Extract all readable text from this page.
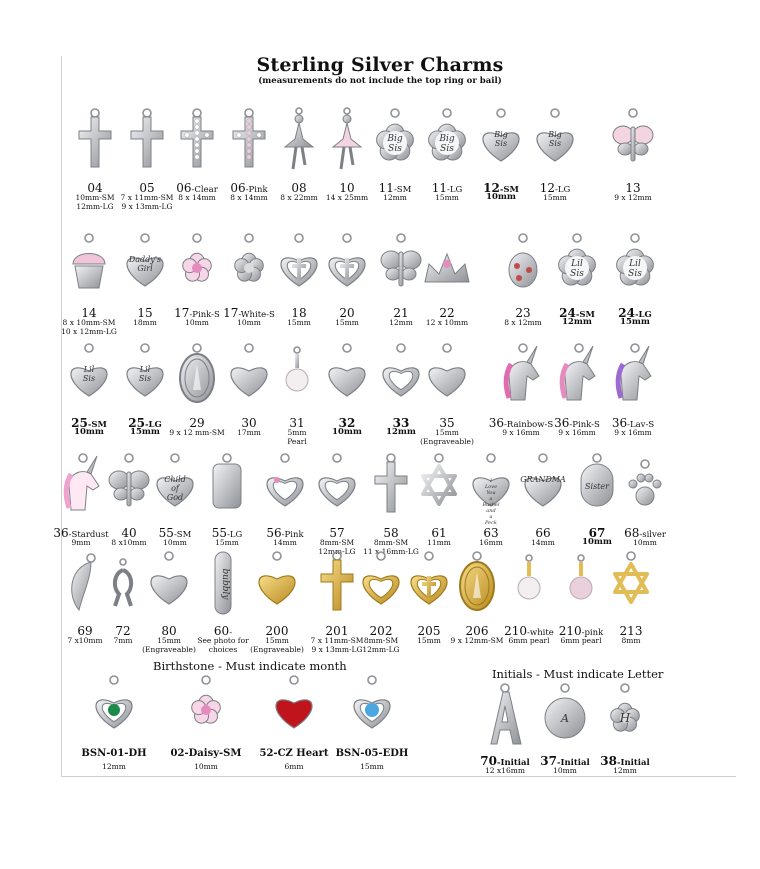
Sterling Silver Charms
(measurements do not include the top ring or bail)
04
10mm-SM
12mm-LG
05
7 x 11mm-SM
9 x 13mm-LG
06-Clear
8 x 14mm
06-Pink
8 x 14mm
08
8 x 22mm
10
14 x 25mm
Big
Sis
11-SM
12mm
Big
Sis
11-LG
15mm
Big
Sis
12-SM
10mm
Big
Sis
12-LG
15mm
13
9 x 12mm
14
8 x 10mm-SM
10 x 12mm-LG
Daddy's
Girl
15
18mm
17-Pink-S
10mm
17-White-S
10mm
18
15mm
20
15mm
21
12mm
22
12 x 10mm
23
8 x 12mm
Lil
Sis
24-SM
12mm
Lil
Sis
24-LG
15mm
Lil
Sis
25-SM
10mm
Lil
Sis
25-LG
15mm
29
9 x 12 mm-SM
30
17mm
31
5mm
Pearl
32
10mm
33
12mm
35
15mm
(Engraveable)
36-Rainbow-S
9 x 16mm
36-Pink-S
9 x 16mm
36-Lav-S
9 x 16mm
36-Stardust
9mm
40
8 x10mm
Child
of
God
55-SM
10mm
55-LG
15mm
56-Pink
14mm
57
8mm-SM
12mm-LG
58
8mm-SM
11 x 16mm-LG
61
11mm
I
Love
You
a
Bushel
and
a
Peck
63
16mm
GRANDMA
66
14mm
Sister
67
10mm
68-silver
10mm
69
7 x10mm
72
7mm
80
15mm
(Engraveable)
bubbly
60-
See photo for
choices
200
15mm
(Engraveable)
201
7 x 11mm-SM
9 x 13mm-LG
202
8mm-SM
12mm-LG
205
15mm
206
9 x 12mm-SM
210-white
6mm pearl
210-pink
6mm pearl
213
8mm
Birthstone - Must indicate month
Initials - Must indicate Letter
BSN-01-DH
12mm
02-Daisy-SM
10mm
52-CZ Heart
6mm
BSN-05-EDH
15mm	70-Initial
12 x16mm
A
37-Initial
10mm
H
38-Initial
12mm
